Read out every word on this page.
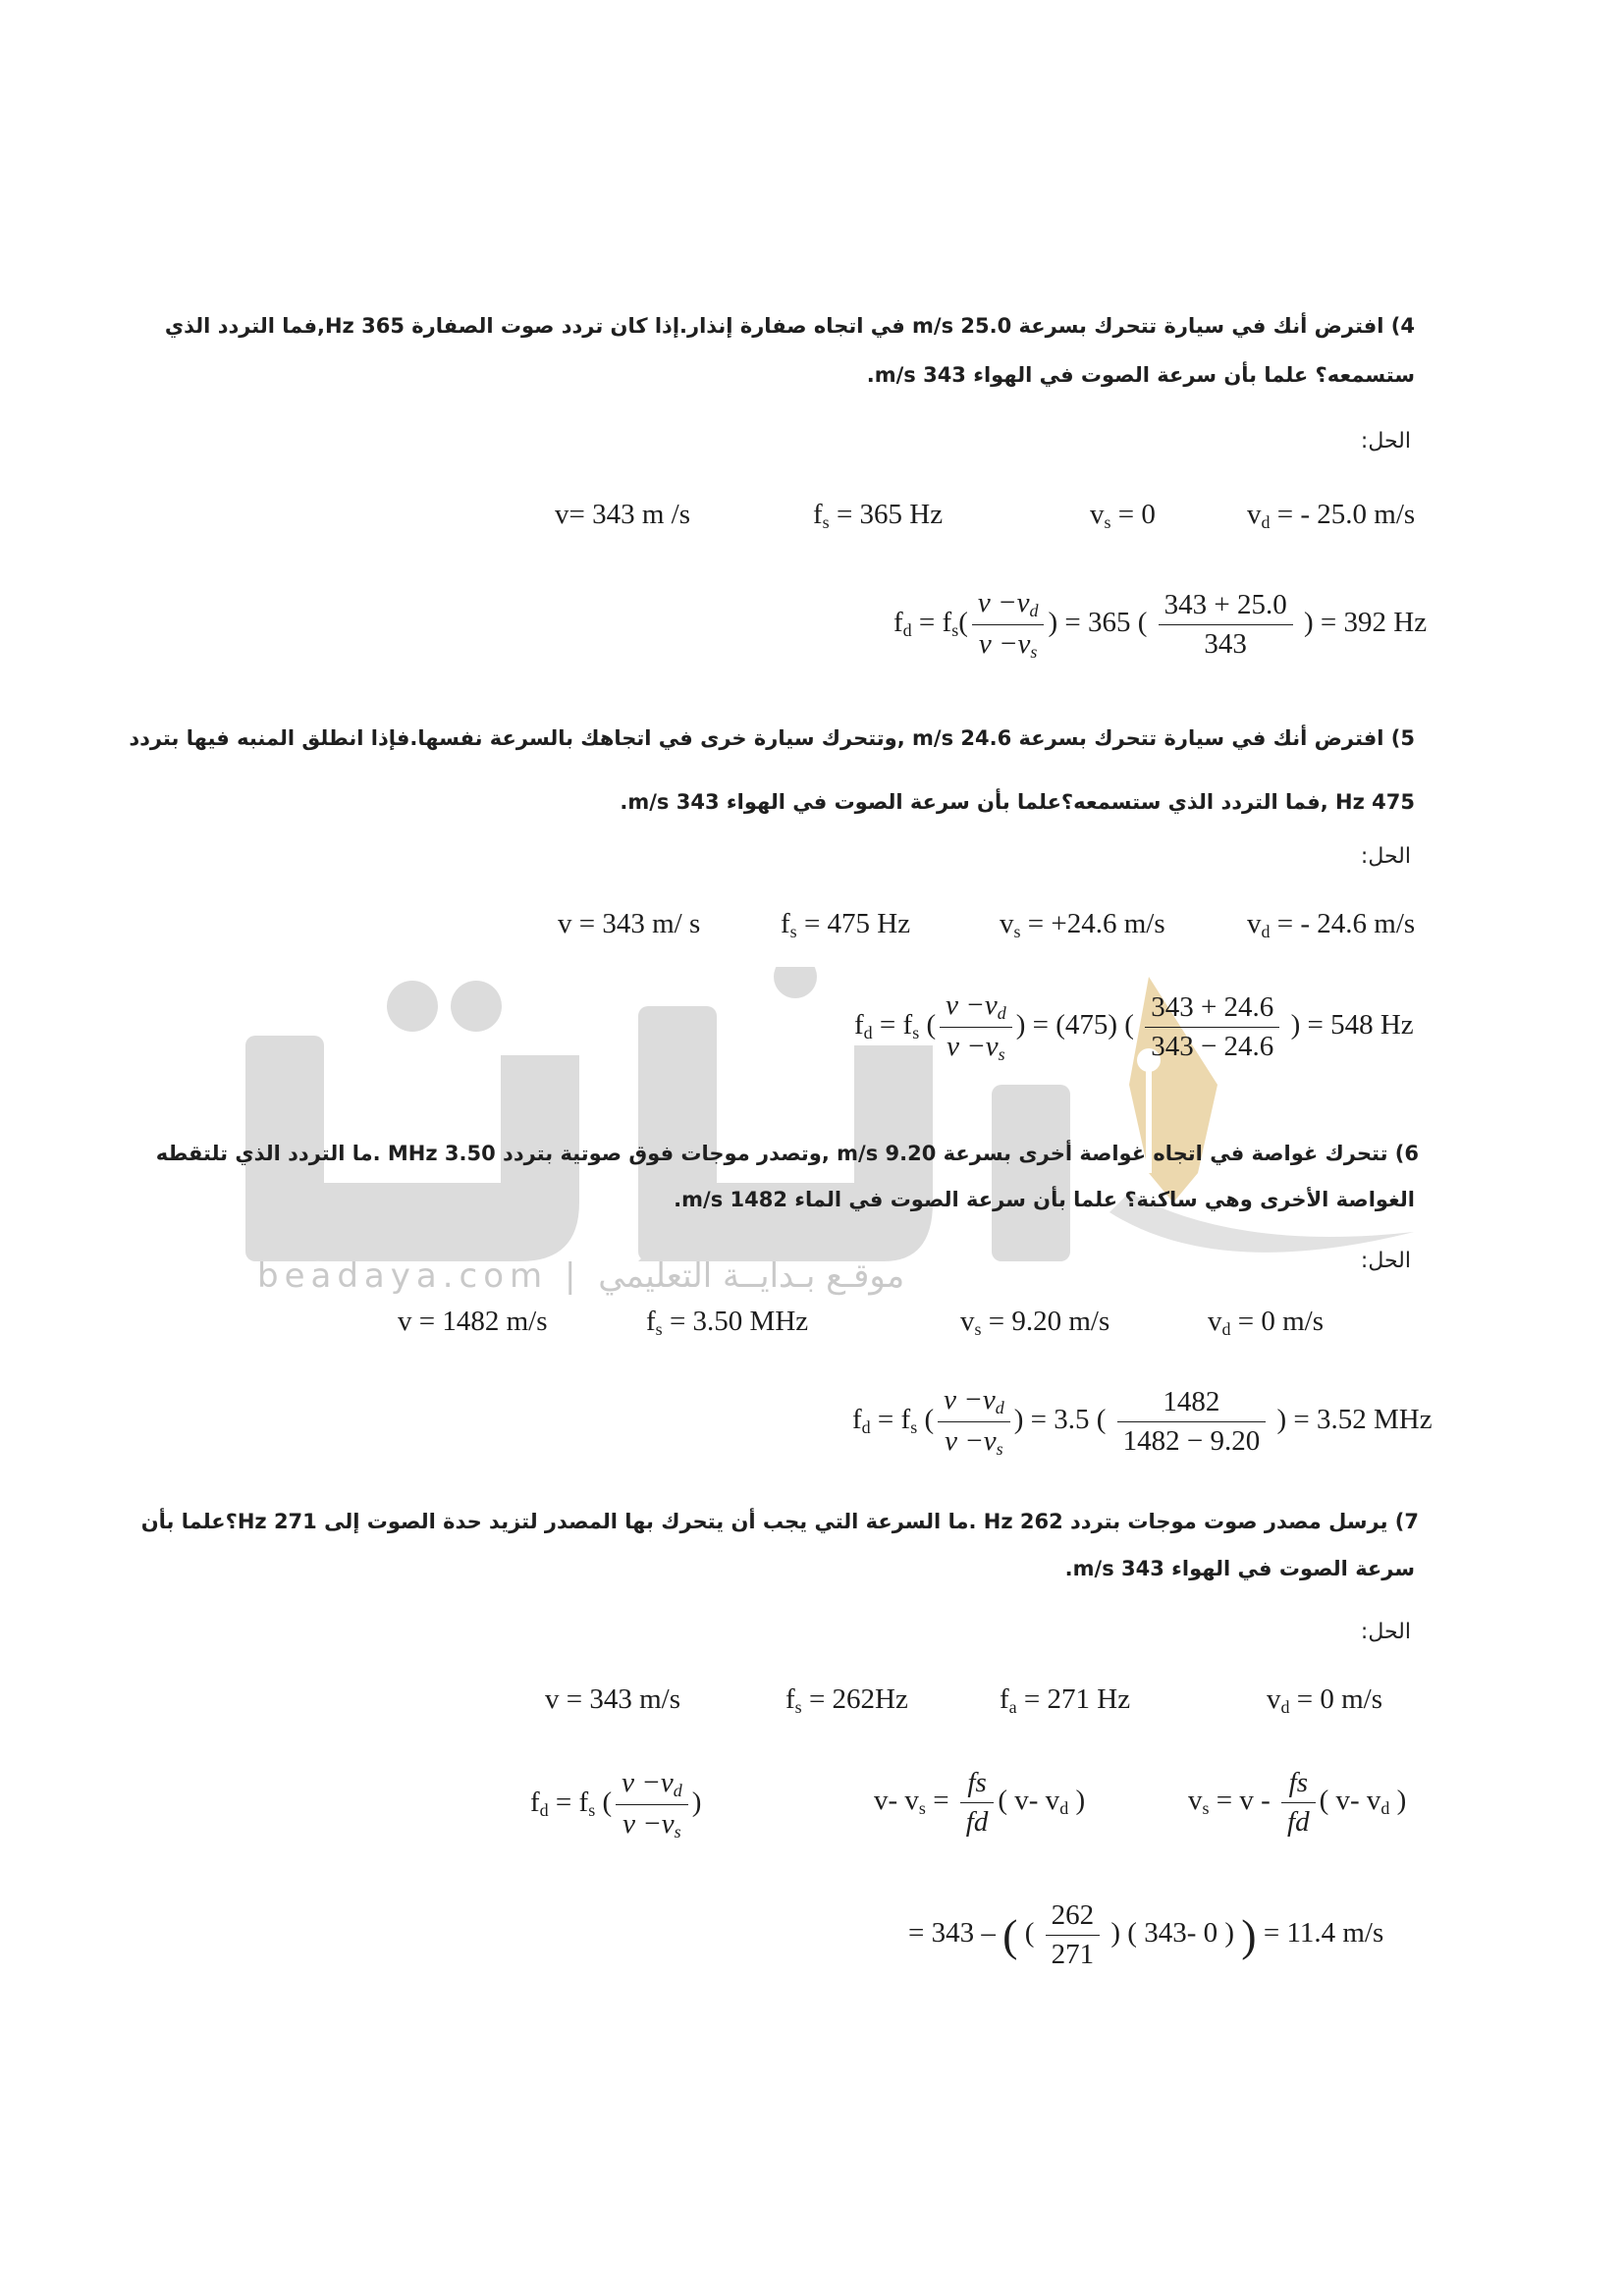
beadaya.com | موقـع بـدايــة التعليمي
4) افترض أنك في سيارة تتحرك بسرعة 25.0 m/s في اتجاه صفارة إنذار.إذا كان تردد صوت الصفارة 365 Hz,فما التردد الذي
ستسمعه؟ علما بأن سرعة الصوت في الهواء 343 m/s.
الحل:
v= 343 m /s	$f_s = 365$ Hz	$v_s = 0$	$v_d$ = - 25.0 m/s
$f_d = f_s( \frac{v -v_d}{v -v_s}$ ) = 365 ( $\frac{343 + 25.0}{343}$ ) = 392 Hz
5) افترض أنك في سيارة تتحرك بسرعة 24.6 m/s ,وتتحرك سيارة خرى في اتجاهك بالسرعة نفسها.فإذا انطلق المنبه فيها بتردد
475 Hz ,فما التردد الذي ستسمعه؟علما بأن سرعة الصوت في الهواء 343 m/s.
الحل:
v = 343 m/ s	$f_s = 475$ Hz	$v_s = +24.6$ m/s	$v_d$ = - 24.6 m/s
$f_d = f_s$ ( $\frac{v -v_d}{v -v_s}$ ) = (475) ( $\frac{343 + 24.6}{343 - 24.6}$ ) = 548 Hz
6) تتحرك غواصة في اتجاه غواصة أخرى بسرعة 9.20 m/s ,وتصدر موجات فوق صوتية بتردد 3.50 MHz .ما التردد الذي تلتقطه
الغواصة الأخرى وهي ساكنة؟ علما بأن سرعة الصوت في الماء 1482 m/s.
الحل:
v = 1482 m/s	$f_s = 3.50$ MHz	$v_s = 9.20$ m/s	$v_d = 0$ m/s
$f_d = f_s$ ( $\frac{v -v_d}{v -v_s}$ ) = 3.5 ( $\frac{1482}{1482 - 9.20}$ ) = 3.52 MHz
7) يرسل مصدر صوت موجات بتردد 262 Hz .ما السرعة التي يجب أن يتحرك بها المصدر لتزيد حدة الصوت إلى 271 Hz؟علما بأن
سرعة الصوت في الهواء 343 m/s.
الحل:
v = 343 m/s	$f_s = 262Hz$	$f_a = 271$ Hz	$v_d = 0$ m/s
$f_d = f_s$ ( $\frac{v -v_d}{v -v_s}$ )	v- $v_s = \frac{fs}{fd}$ ( v- $v_d$ )	$v_s = v - \frac{fs}{fd}$ ( v- $v_d$ )
= 343 – ( ( $\frac{262}{271}$ ) ( 343- 0 ) ) = 11.4 m/s
